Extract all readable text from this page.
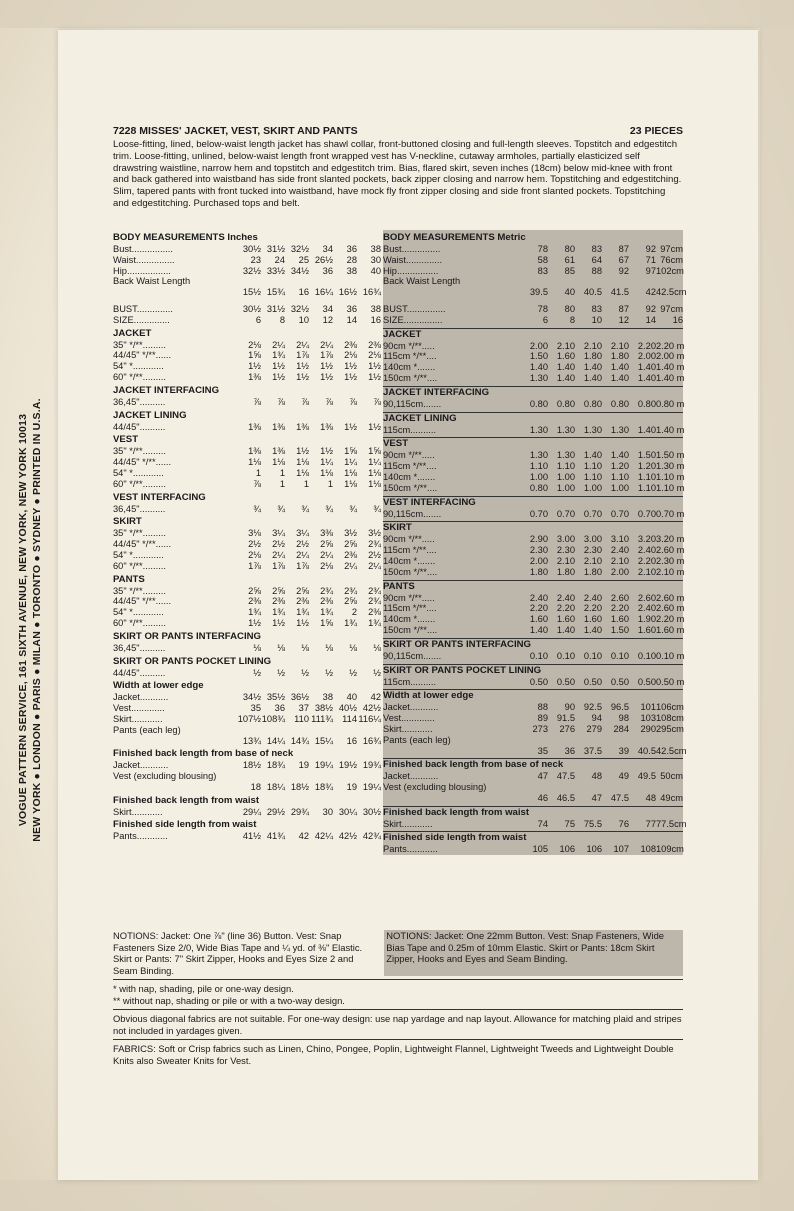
VOGUE PATTERN SERVICE, 161 SIXTH AVENUE, NEW YORK, NEW YORK 10013 NEW YORK ● LONDON ● PARIS ● MILAN ● TORONTO ● SYDNEY ● PRINTED IN U.S.A.
7228 MISSES' JACKET, VEST, SKIRT AND PANTS	23 PIECES
Loose-fitting, lined, below-waist length jacket has shawl collar, front-buttoned closing and full-length sleeves. Topstitch and edgestitch trim. Loose-fitting, unlined, below-waist length front wrapped vest has V-neckline, cutaway armholes, partially elasticized self drawstring waistline, narrow hem and topstitch and edgestitch trim. Bias, flared skirt, seven inches (18cm) below mid-knee with front and back gathered into waistband has side front slanted pockets, back zipper closing and narrow hem. Topstitching and edgestitching. Slim, tapered pants with front tucked into waistband, have mock fly front zipper closing and side front slanted pockets. Topstitching and edgestitching. Purchased tops and belt.
BODY MEASUREMENTS Inches
Bust................	30½ 31½ 32½	34	36	38
Waist...............	23	24	25 26½	28	30
Hip.................	32½ 33½ 34½	36	38	40
Back Waist Length
15½ 15¾	16 16¼ 16½ 16¾
BUST..............	30½ 31½ 32½	34	36	38
SIZE..............	6	8	10	12	14	16
JACKET
35" */**.........	2⅛	2¼	2¼	2¼	2⅜	2⅜
44/45" */**......	1⅝	1¾	1⅞	1⅞	2⅛	2⅛
54" *............	1½	1½	1½	1½	1½	1½
60" */**.........	1⅜	1½	1½	1½	1½	1½
JACKET INTERFACING
36,45"..........	⅞	⅞	⅞	⅞	⅞	⅞
JACKET LINING
44/45"..........	1⅜	1⅜	1⅜	1⅜	1½	1½
VEST
35" */**.........	1⅜	1⅜	1½	1½	1⅝	1⅝
44/45" */**......	1⅛	1⅛	1⅛	1¼	1¼	1¼
54" *............	1	1	1⅛	1⅛	1⅛	1⅛
60" */**.........	⅞	1	1	1	1⅛	1⅛
VEST INTERFACING
36,45"..........	¾	¾	¾	¾	¾	¾
SKIRT
35" */**.........	3⅛	3¼	3¼	3⅜	3½	3½
44/45" */**......	2½	2½	2½	2⅝	2⅝	2¾
54" *............	2⅛	2¼	2¼	2¼	2⅜	2½
60" */**.........	1⅞	1⅞	1⅞	2⅛	2¼	2¼
PANTS
35" */**.........	2⅝	2⅝	2⅝	2¾	2¾	2¾
44/45" */**......	2⅜	2⅜	2⅜	2⅜	2⅝	2¾
54" *............	1¾	1¾	1¾	1¾	2	2⅜
60" */**.........	1½	1½	1½	1⅝	1¾	1¾
SKIRT OR PANTS INTERFACING
36,45"..........	⅛	⅛	⅛	⅛	⅛	⅛
SKIRT OR PANTS POCKET LINING
44/45"..........	½	½	½	½	½	½
Width at lower edge
Jacket...........	34½ 35½ 36½	38	40	42
Vest.............	35	36	37 38½ 40½ 42½
Skirt............	107½ 108¾ 110 111¾ 114 116¼
Pants (each leg)
13¾ 14¼ 14¾ 15¼	16 16¾
Finished back length from base of neck
Jacket...........	18½ 18¾	19 19¼ 19½ 19¾
Vest (excluding blousing)
18 18¼ 18½ 18¾	19 19¼
Finished back length from waist
Skirt............	29¼ 29½ 29¾	30 30¼ 30½
Finished side length from waist
Pants............	41½ 41¾	42 42¼ 42½ 42¾
BODY MEASUREMENTS Metric
Bust...............	78	80	83	87	92 97cm
Waist..............	58	61	64	67	71 76cm
Hip................	83	85	88	92	97 102cm
Back Waist Length
39.5	40 40.5 41.5	42 42.5cm
BUST...............	78	80	83	87	92 97cm
SIZE...............	6	8	10	12	14	16
JACKET
90cm */**.....	2.00 2.10 2.10 2.10 2.20 2.20 m
115cm */**....	1.50 1.60 1.80 1.80 2.00 2.00 m
140cm *.......	1.40 1.40 1.40 1.40 1.40 1.40 m
150cm */**....	1.30 1.40 1.40 1.40 1.40 1.40 m
JACKET INTERFACING
90,115cm.......	0.80 0.80 0.80 0.80 0.80 0.80 m
JACKET LINING
115cm..........	1.30 1.30 1.30 1.30 1.40 1.40 m
VEST
90cm */**.....	1.30 1.30 1.40 1.40 1.50 1.50 m
115cm */**....	1.10 1.10 1.10 1.20 1.20 1.30 m
140cm *.......	1.00 1.00 1.10 1.10 1.10 1.10 m
150cm */**....	0.80 1.00 1.00 1.00 1.10 1.10 m
VEST INTERFACING
90,115cm.......	0.70 0.70 0.70 0.70 0.70 0.70 m
SKIRT
90cm */**.....	2.90 3.00 3.00 3.10 3.20 3.20 m
115cm */**....	2.30 2.30 2.30 2.40 2.40 2.60 m
140cm *.......	2.00 2.10 2.10 2.10 2.20 2.30 m
150cm */**....	1.80 1.80 1.80 2.00 2.10 2.10 m
PANTS
90cm */**.....	2.40 2.40 2.40 2.60 2.60 2.60 m
115cm */**....	2.20 2.20 2.20 2.20 2.40 2.60 m
140cm *.......	1.60 1.60 1.60 1.60 1.90 2.20 m
150cm */**....	1.40 1.40 1.40 1.50 1.60 1.60 m
SKIRT OR PANTS INTERFACING
90,115cm.......	0.10 0.10 0.10 0.10 0.10 0.10 m
SKIRT OR PANTS POCKET LINING
115cm..........	0.50 0.50 0.50 0.50 0.50 0.50 m
Width at lower edge
Jacket...........	88	90 92.5 96.5	101 106cm
Vest.............	89 91.5	94	98	103 108cm
Skirt............	273	276	279	284	290 295cm
Pants (each leg)
35	36 37.5	39 40.5 42.5cm
Finished back length from base of neck
Jacket...........	47 47.5	48	49 49.5 50cm
Vest (excluding blousing)
46 46.5	47 47.5	48 49cm
Finished back length from waist
Skirt............	74	75 75.5	76	77 77.5cm
Finished side length from waist
Pants............	105	106	106	107	108 109cm

NOTIONS: Jacket: One ⅞" (line 36) Button. Vest: Snap Fasteners Size 2/0, Wide Bias Tape and ¼ yd. of ⅜" Elastic. Skirt or Pants: 7" Skirt Zipper, Hooks and Eyes Size 2 and Seam Binding.

NOTIONS: Jacket: One 22mm Button. Vest: Snap Fasteners, Wide Bias Tape and 0.25m of 10mm Elastic. Skirt or Pants: 18cm Skirt Zipper, Hooks and Eyes and Seam Binding.

* with nap, shading, pile or one-way design.

** without nap, shading or pile or with a two-way design.

Obvious diagonal fabrics are not suitable. For one-way design: use nap yardage and nap layout. Allowance for matching plaid and stripes not included in yardages given.

FABRICS: Soft or Crisp fabrics such as Linen, Chino, Pongee, Poplin, Lightweight Flannel, Lightweight Tweeds and Lightweight Double Knits also Sweater Knits for Vest.
